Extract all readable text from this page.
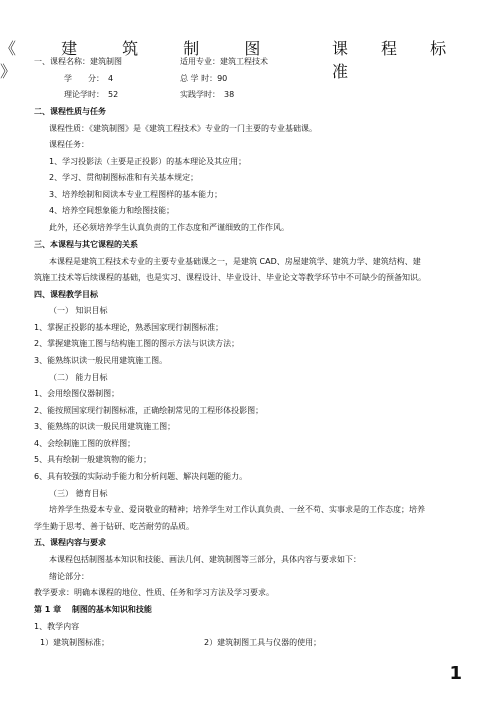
《 建 筑 制 图 》
课 程 标 准
一、课程名称：建筑制图	适用专业：建筑工程技术
学　　分：　4	总 学 时：90
理论学时：　52	实践学时：　38
二、课程性质与任务
课程性质：《建筑制图》是《建筑工程技术》专业的一门主要的专业基础课。
课程任务：
1、学习投影法（主要是正投影）的基本理论及其应用；
2、学习、贯彻制图标准和有关基本规定；
3、培养绘制和阅读本专业工程图样的基本能力；
4、培养空间想象能力和绘图技能；
此外，还必须培养学生认真负责的工作态度和严谨细致的工作作风。
三、本课程与其它课程的关系
本课程是建筑工程技术专业的主要专业基础课之一，是建筑 CAD、房屋建筑学、建筑力学、建筑结构、建
筑施工技术等后续课程的基础，也是实习、课程设计、毕业设计、毕业论文等教学环节中不可缺少的预备知识。
四、课程教学目标
（一） 知识目标
1、掌握正投影的基本理论，熟悉国家现行制图标准；
2、掌握建筑施工图与结构施工图的图示方法与识读方法；
3、能熟练识读一般民用建筑施工图。
（二） 能力目标
1、会用绘图仪器制图；
2、能按照国家现行制图标准，正确绘制常见的工程形体投影图；
3、能熟练的识读一般民用建筑施工图；
4、会绘制施工图的放样图；
5、具有绘制一般建筑物的能力；
6、具有较强的实际动手能力和分析问题、解决问题的能力。
（三） 德育目标
培养学生热爱本专业、爱岗敬业的精神；培养学生对工作认真负责、一丝不苟、实事求是的工作态度；培养
学生勤于思考、善于钻研、吃苦耐劳的品质。
五、课程内容与要求
本课程包括制图基本知识和技能、画法几何、建筑制图等三部分，具体内容与要求如下：
绪论部分：
教学要求：明确本课程的地位、性质、任务和学习方法及学习要求。
第 1 章　 制图的基本知识和技能
1、教学内容
1）建筑制图标准；	2）建筑制图工具与仪器的使用；
1
